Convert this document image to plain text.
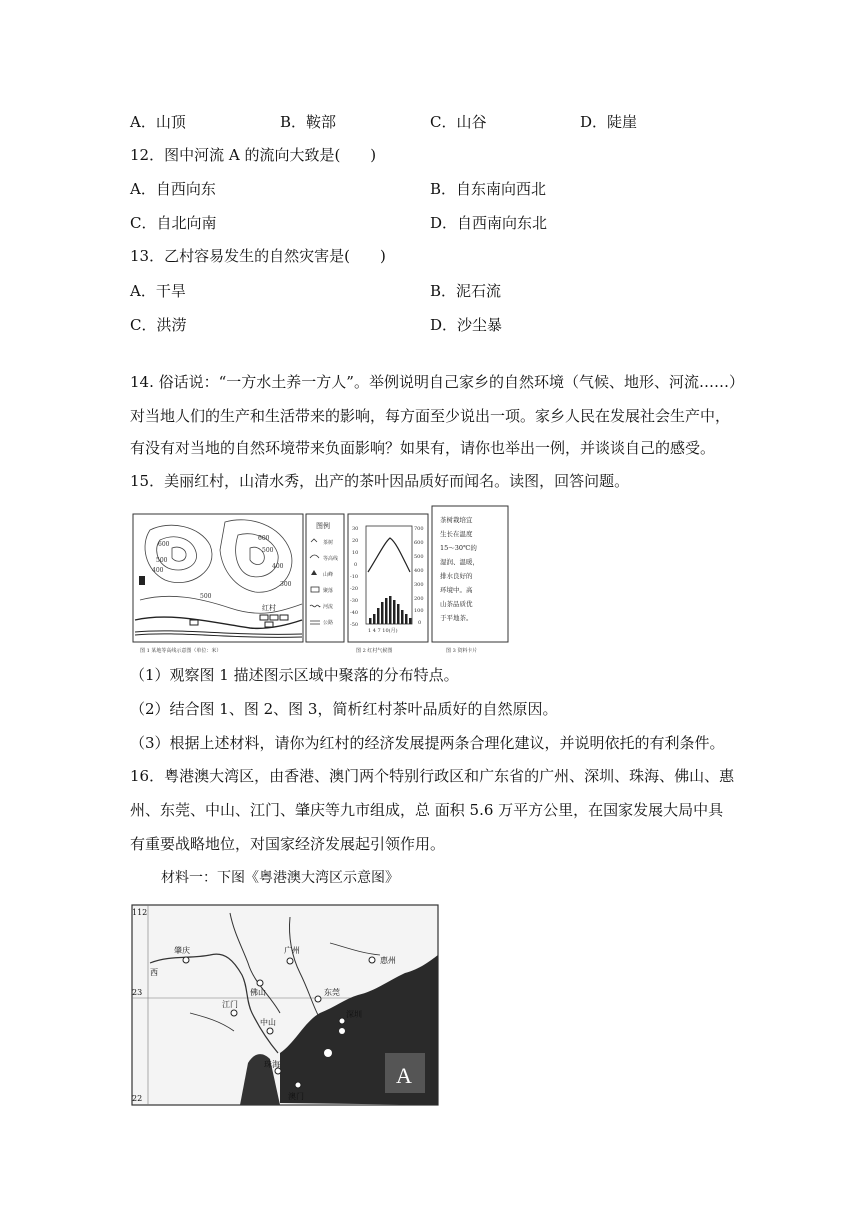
A．山顶	B．鞍部	C．山谷	D．陡崖
12．图中河流 A 的流向大致是(　　)
A．自西向东	B．自东南向西北
C．自北向南	D．自西南向东北
13．乙村容易发生的自然灾害是(　　)
A．干旱	B．泥石流
C．洪涝	D．沙尘暴
14. 俗话说：“一方水土养一方人”。举例说明自己家乡的自然环境（气候、地形、河流……）
对当地人们的生产和生活带来的影响，每方面至少说出一项。家乡人民在发展社会生产中，
有没有对当地的自然环境带来负面影响？如果有，请你也举出一例，并谈谈自己的感受。
15．美丽红村，山清水秀，出产的茶叶因品质好而闻名。读图，回答问题。
600
500
400
600
500
400
300
500
红村
图例
茶树
等高线
山峰
聚落
河流
公路
30
20
10
0
-10
-20
-30
-40
-50
700
600
500
400
300
200
100
0
1 4 7 10(月)
茶树栽培宜
生长在温度
15～30℃的
湿润、温暖，
排水良好的
环境中。高
山茶品质优
于平地茶。
图 1 某地等高线示意图（单位：米）	图 2 红村气候图	图 3 资料卡片
（1）观察图 1 描述图示区域中聚落的分布特点。
（2）结合图 1、图 2、图 3，简析红村茶叶品质好的自然原因。
（3）根据上述材料，请你为红村的经济发展提两条合理化建议，并说明依托的有利条件。
16．粤港澳大湾区，由香港、澳门两个特别行政区和广东省的广州、深圳、珠海、佛山、惠
州、东莞、中山、江门、肇庆等九市组成，总 面积 5.6 万平方公里，在国家发展大局中具
有重要战略地位，对国家经济发展起引领作用。
材料一：下图《粤港澳大湾区示意图》
112
23
22
肇庆	广州
惠州
佛山
江门
中山
珠海
澳门
东莞
深圳
西
A
